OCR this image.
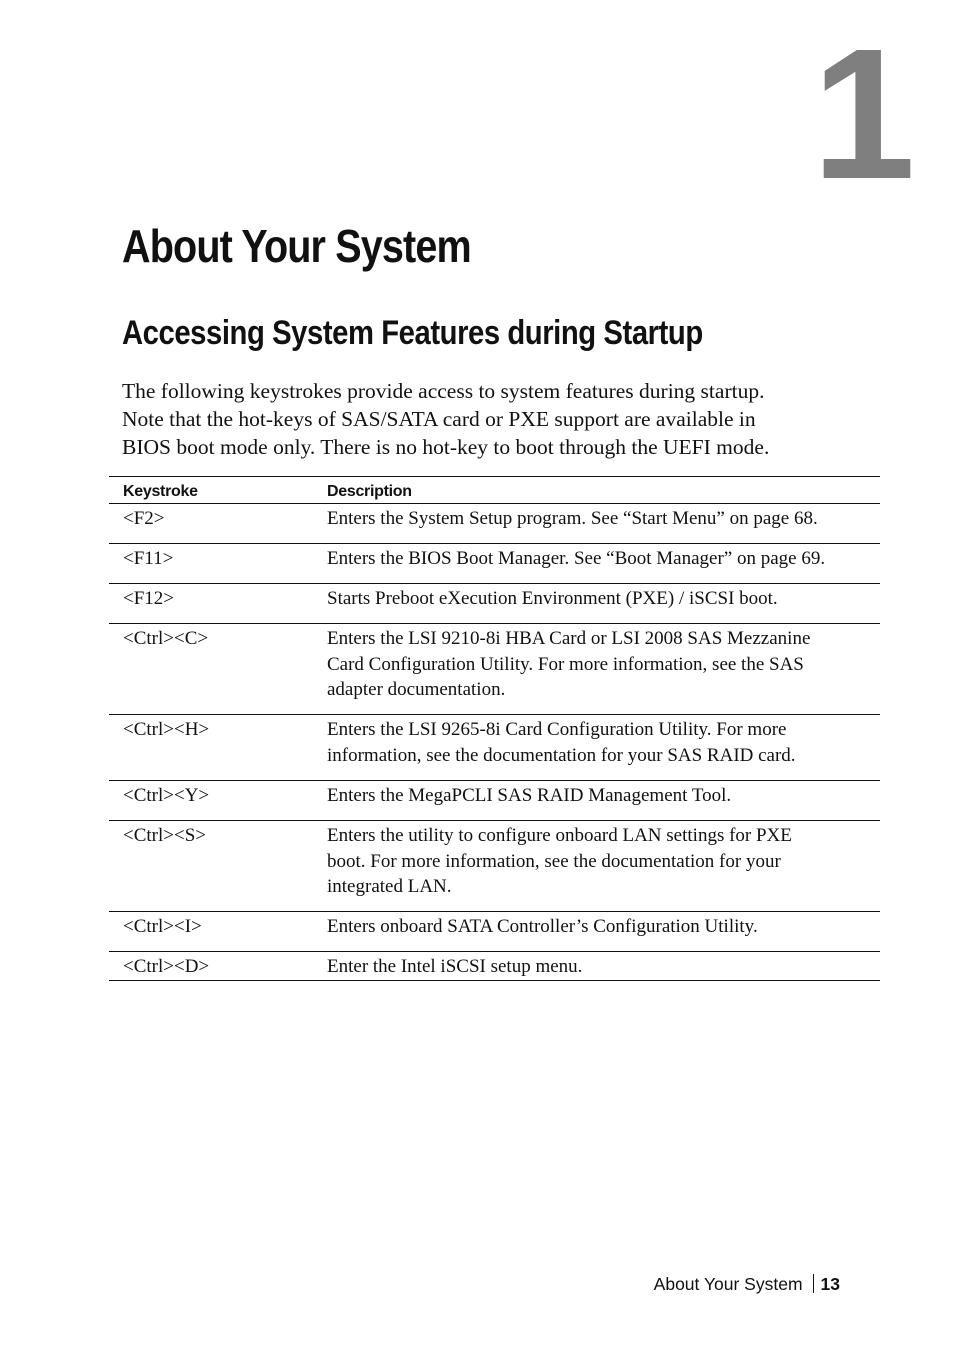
1
About Your System
Accessing System Features during Startup

The following keystrokes provide access to system features during startup.
Note that the hot-keys of SAS/SATA card or PXE support are available in
BIOS boot mode only. There is no hot-key to boot through the UEFI mode.

Keystroke	Description
<F2>	Enters the System Setup program. See “Start Menu” on page 68.

<F11>	Enters the BIOS Boot Manager. See “Boot Manager” on page 69.

<F12>	Starts Preboot eXecution Environment (PXE) / iSCSI boot.

<Ctrl><C>	Enters the LSI 9210-8i HBA Card or LSI 2008 SAS Mezzanine
Card Configuration Utility. For more information, see the SAS
adapter documentation.

<Ctrl><H>	Enters the LSI 9265-8i Card Configuration Utility. For more
information, see the documentation for your SAS RAID card.

<Ctrl><Y>	Enters the MegaPCLI SAS RAID Management Tool.

<Ctrl><S>	Enters the utility to configure onboard LAN settings for PXE
boot. For more information, see the documentation for your
integrated LAN.

<Ctrl><I>	Enters onboard SATA Controller’s Configuration Utility.

<Ctrl><D>	Enter the Intel iSCSI setup menu.
About Your System 13
